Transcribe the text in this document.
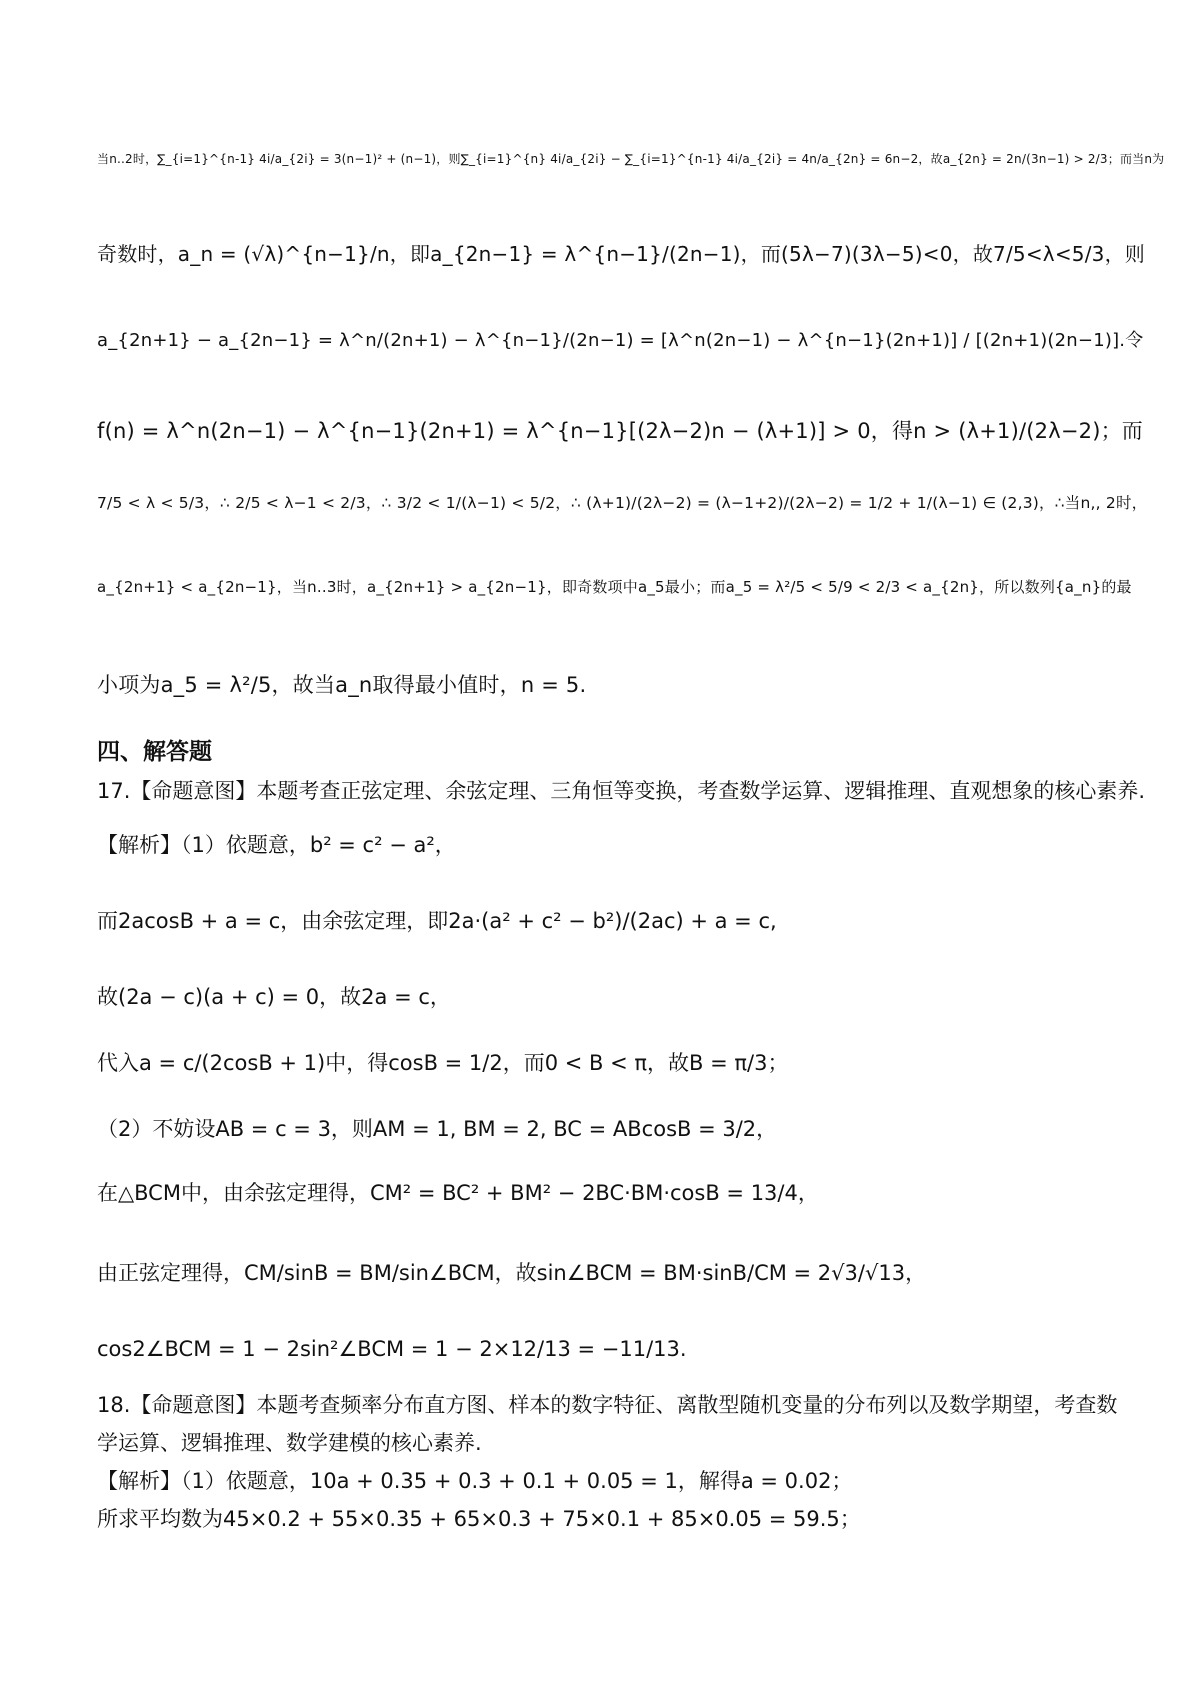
当n..2时，∑_{i=1}^{n-1} 4i/a_{2i} = 3(n−1)² + (n−1)，则∑_{i=1}^{n} 4i/a_{2i} − ∑_{i=1}^{n-1} 4i/a_{2i} = 4n/a_{2n} = 6n−2，故a_{2n} = 2n/(3n−1) > 2/3；而当n为
奇数时，a_n = (√λ)^{n−1}/n，即a_{2n−1} = λ^{n−1}/(2n−1)，而(5λ−7)(3λ−5)<0，故7/5<λ<5/3，则
a_{2n+1} − a_{2n−1} = λ^n/(2n+1) − λ^{n−1}/(2n−1) = [λ^n(2n−1) − λ^{n−1}(2n+1)] / [(2n+1)(2n−1)].令
f(n) = λ^n(2n−1) − λ^{n−1}(2n+1) = λ^{n−1}[(2λ−2)n − (λ+1)] > 0，得n > (λ+1)/(2λ−2)；而
7/5 < λ < 5/3，∴ 2/5 < λ−1 < 2/3，∴ 3/2 < 1/(λ−1) < 5/2，∴ (λ+1)/(2λ−2) = (λ−1+2)/(2λ−2) = 1/2 + 1/(λ−1) ∈ (2,3)，∴当n,, 2时，
a_{2n+1} < a_{2n−1}，当n..3时，a_{2n+1} > a_{2n−1}，即奇数项中a_5最小；而a_5 = λ²/5 < 5/9 < 2/3 < a_{2n}，所以数列{a_n}的最
小项为a_5 = λ²/5，故当a_n取得最小值时，n = 5.
四、解答题
17.【命题意图】本题考查正弦定理、余弦定理、三角恒等变换，考查数学运算、逻辑推理、直观想象的核心素养.
【解析】（1）依题意，b² = c² − a²，
而2acosB + a = c，由余弦定理，即2a·(a² + c² − b²)/(2ac) + a = c,
故(2a − c)(a + c) = 0，故2a = c，
代入a = c/(2cosB + 1)中，得cosB = 1/2，而0 < B < π，故B = π/3；
（2）不妨设AB = c = 3，则AM = 1, BM = 2, BC = ABcosB = 3/2，
在△BCM中，由余弦定理得，CM² = BC² + BM² − 2BC·BM·cosB = 13/4，
由正弦定理得，CM/sinB = BM/sin∠BCM，故sin∠BCM = BM·sinB/CM = 2√3/√13，
cos2∠BCM = 1 − 2sin²∠BCM = 1 − 2×12/13 = −11/13.
18.【命题意图】本题考查频率分布直方图、样本的数字特征、离散型随机变量的分布列以及数学期望，考查数
学运算、逻辑推理、数学建模的核心素养.
【解析】（1）依题意，10a + 0.35 + 0.3 + 0.1 + 0.05 = 1，解得a = 0.02；
所求平均数为45×0.2 + 55×0.35 + 65×0.3 + 75×0.1 + 85×0.05 = 59.5；
